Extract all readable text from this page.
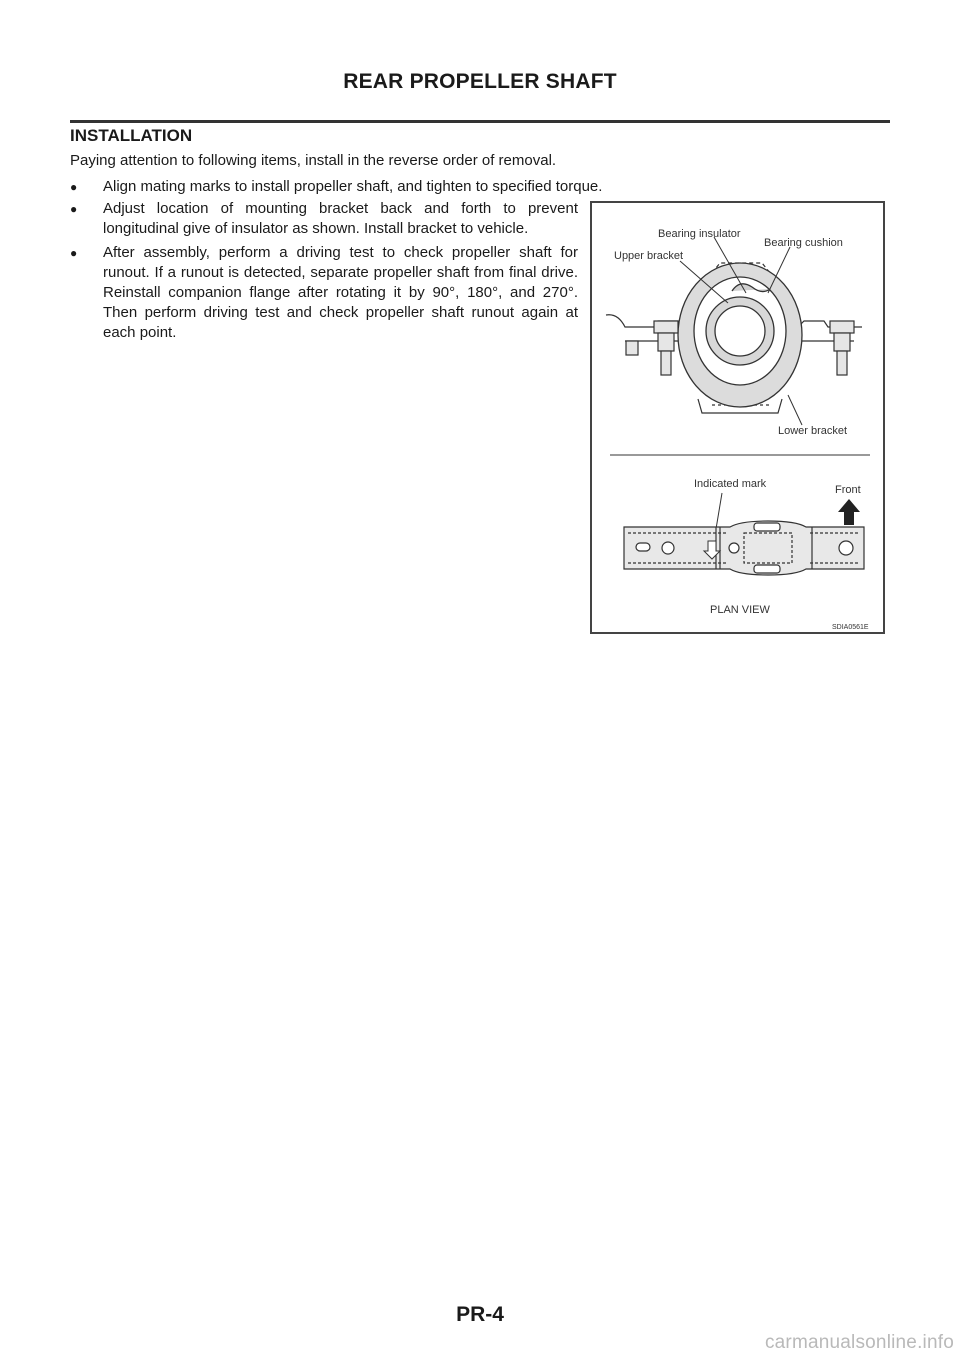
REAR PROPELLER SHAFT
INSTALLATION
Paying attention to following items, install in the reverse order of removal.
●	Align mating marks to install propeller shaft, and tighten to specified torque.
●	Adjust location of mounting bracket back and forth to prevent longitudinal give of insulator as shown. Install bracket to vehicle.
●	After assembly, perform a driving test to check propeller shaft for runout. If a runout is detected, separate propeller shaft from final drive. Reinstall companion flange after rotating it by 90°, 180°, and 270°. Then perform driving test and check propeller shaft runout again at each point.
Bearing insulator
Bearing cushion
Upper bracket
Lower bracket
Indicated mark	Front
PLAN VIEW
SDIA0561E
PR-4
carmanualsonline.info
